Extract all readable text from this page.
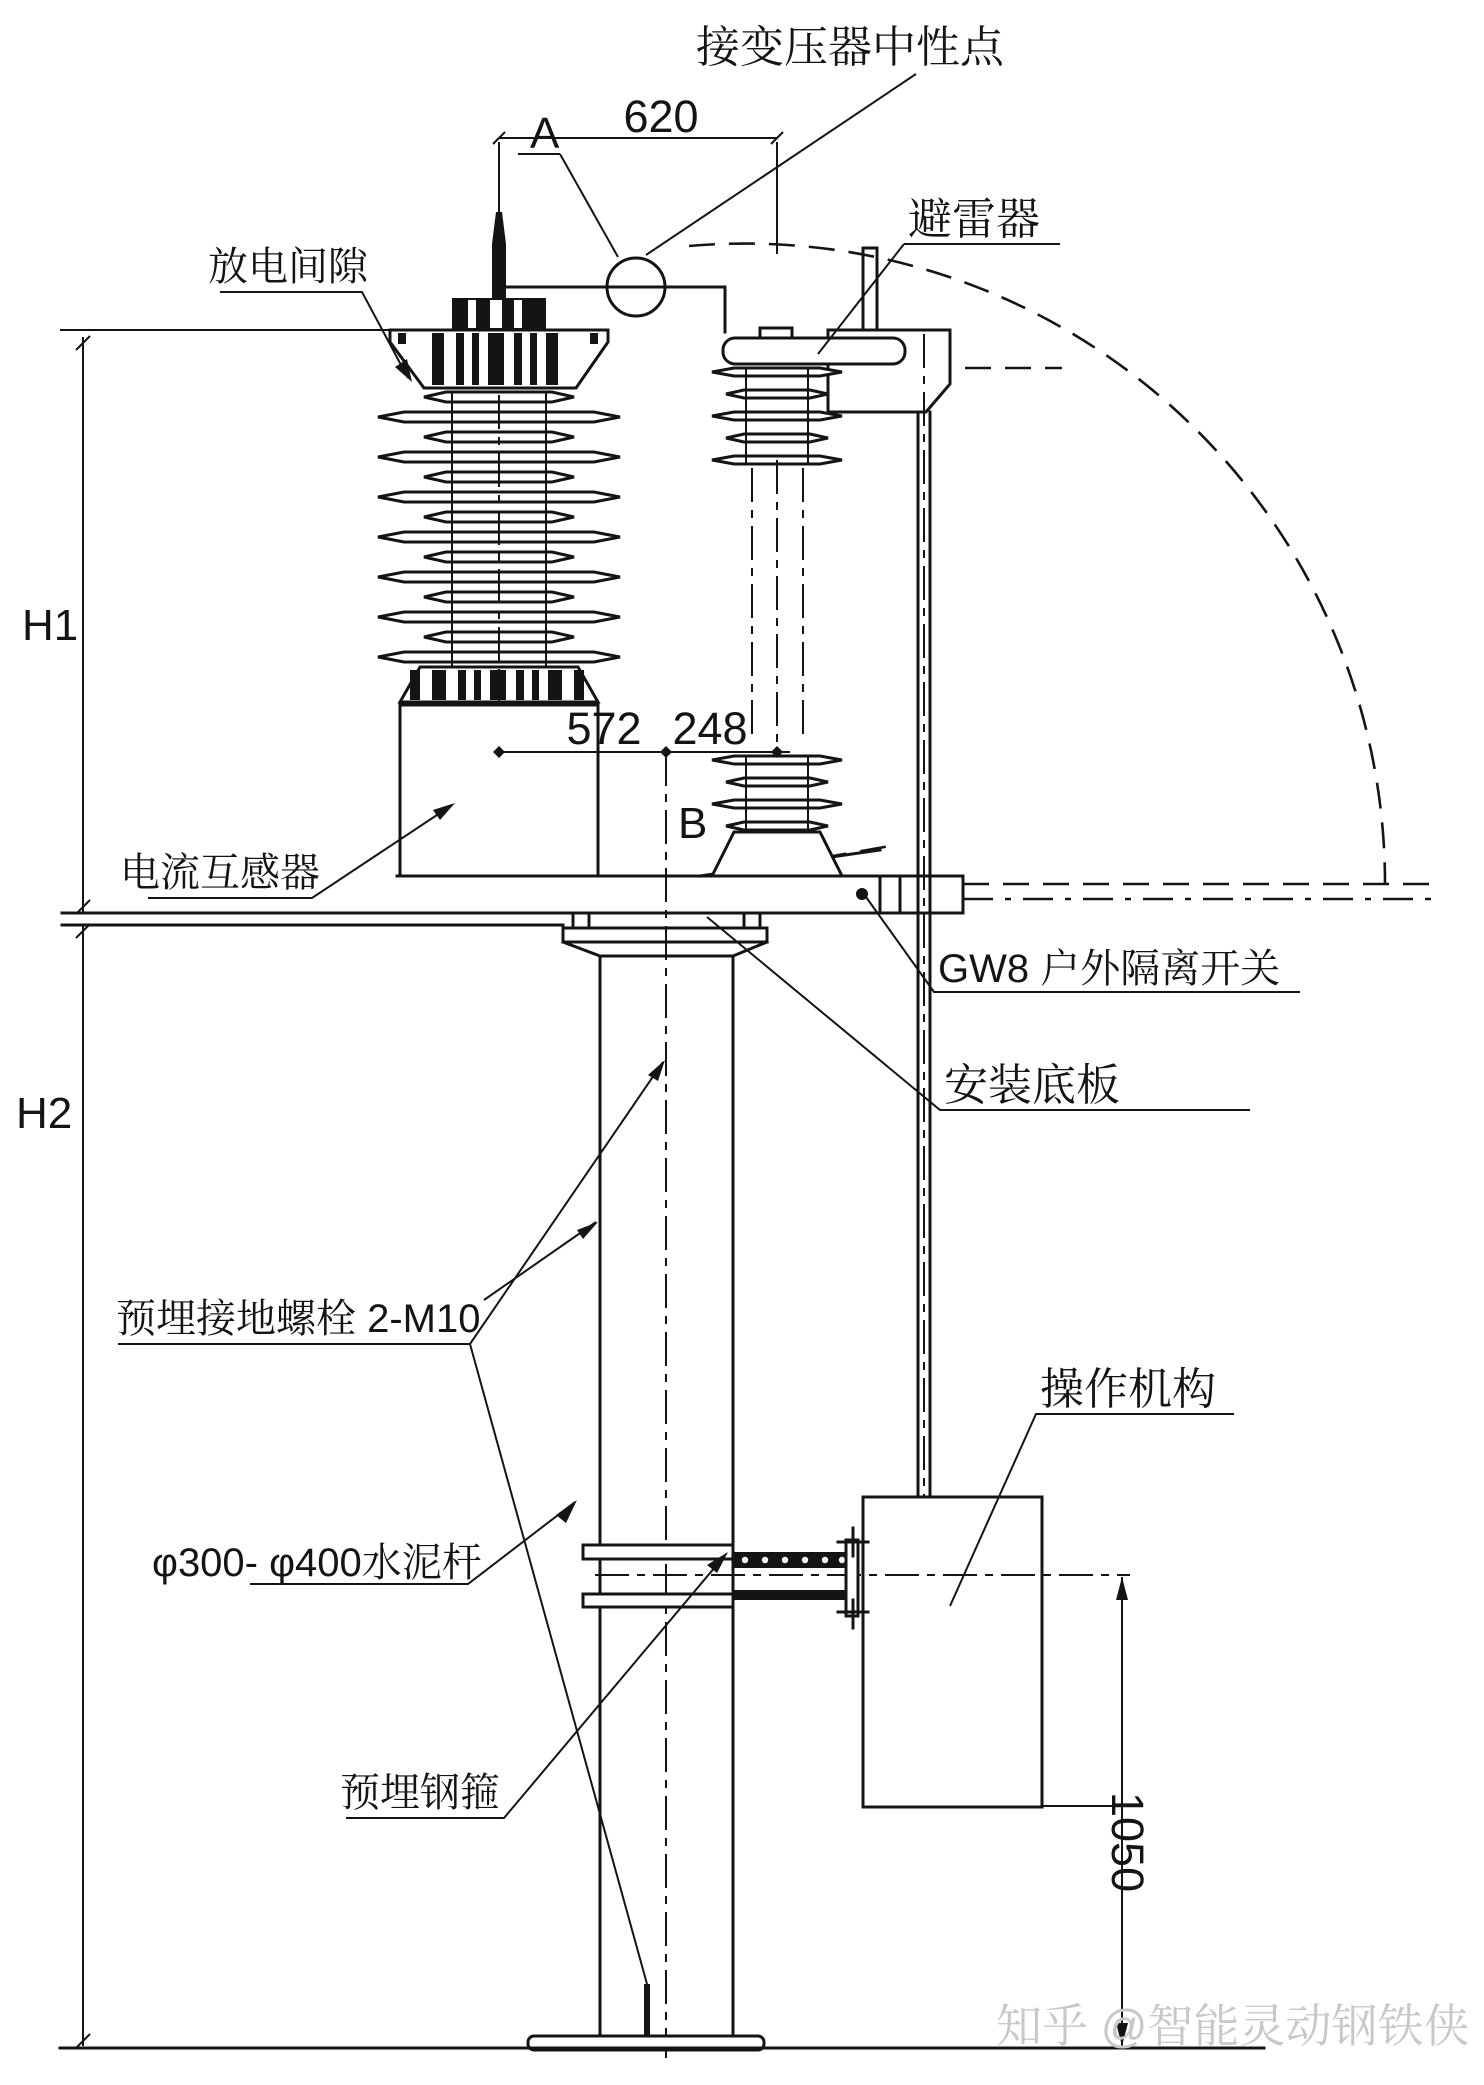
H1
H2
620
1050
572 248
接变压器中性点
A
放电间隙
避雷器
电流互感器
GW8 户外隔离开关
安装底板
B
预埋接地螺栓 2-M10
操作机构
φ300- φ400水泥杆
预埋钢箍
知乎 @智能灵动钢铁侠
